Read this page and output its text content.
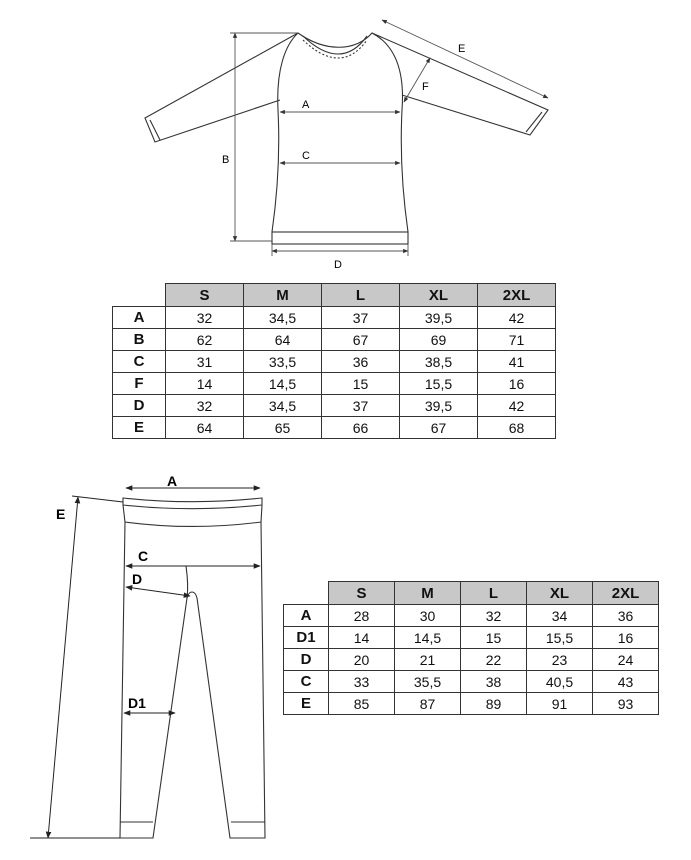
A
C
D
B
E
F
	S	M	L	XL	2XL
A	32	34,5	37	39,5	42
B	62	64	67	69	71
C	31	33,5	36	38,5	41
F	14	14,5	15	15,5	16
D	32	34,5	37	39,5	42
E	64	65	66	67	68
A
C
D
D1
E
	S	M	L	XL	2XL
A	28	30	32	34	36
D1	14	14,5	15	15,5	16
D	20	21	22	23	24
C	33	35,5	38	40,5	43
E	85	87	89	91	93
